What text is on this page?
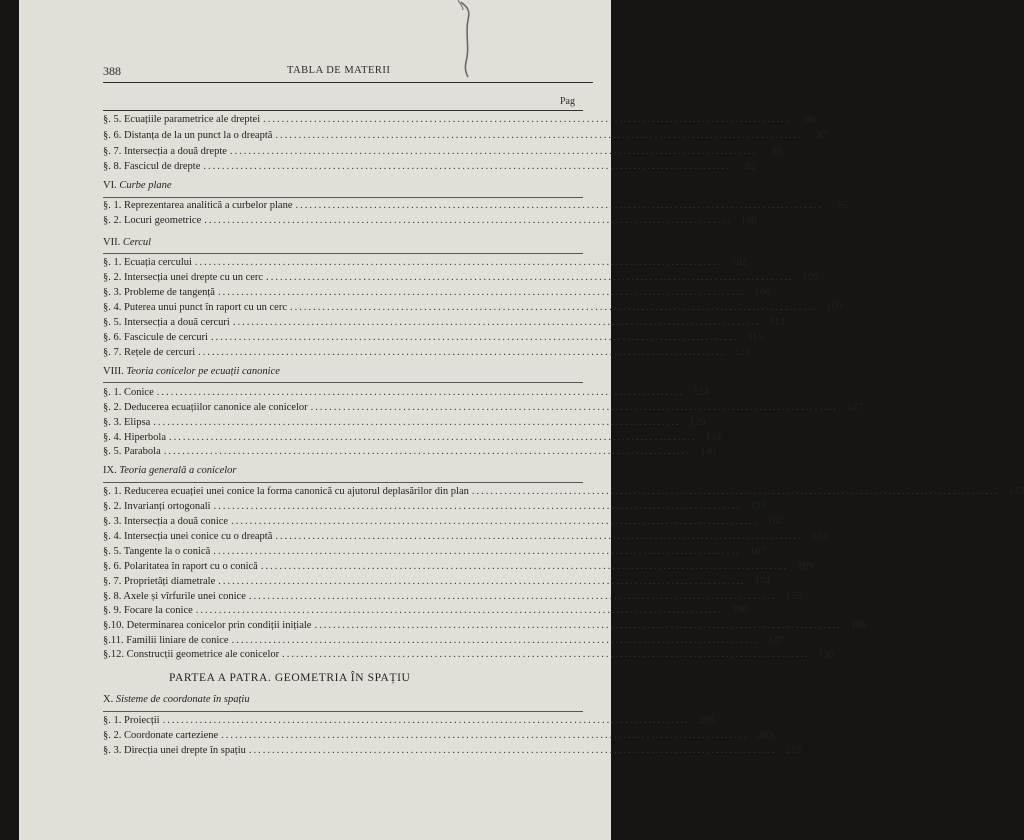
388	TABLA DE MATERII
Pag
§. 5. Ecuațiile parametrice ale dreptei ..................................................................................................................	86
§. 6. Distanța de la un punct la o dreaptă ..................................................................................................................	87
§. 7. Intersecția a două drepte ..................................................................................................................	89
§. 8. Fascicul de drepte ..................................................................................................................	92
VI. Curbe plane
§. 1. Reprezentarea analitică a curbelor plane ..................................................................................................................	95
§. 2. Locuri geometrice .................................................................................................................. 100
VII. Cercul
§. 1. Ecuația cercului .................................................................................................................. 102
§. 2. Intersecția unei drepte cu un cerc .................................................................................................................. 105
§. 3. Probleme de tangență .................................................................................................................. 106
§. 4. Puterea unui punct în raport cu un cerc .................................................................................................................. 109
§. 5. Intersecția a două cercuri .................................................................................................................. 112
§. 6. Fascicule de cercuri .................................................................................................................. 115
§. 7. Rețele de cercuri .................................................................................................................. 121
VIII. Teoria conicelor pe ecuații canonice
§. 1. Conice .................................................................................................................. 124
§. 2. Deducerea ecuațiilor canonice ale conicelor .................................................................................................................. 127
§. 3. Elipsa .................................................................................................................. 129
§. 4. Hiperbola .................................................................................................................. 134
§. 5. Parabola .................................................................................................................. 140
IX. Teoria generală a conicelor
§. 1. Reducerea ecuației unei conice la forma canonică cu ajutorul deplasărilor din plan .................................................................................................................. 143
§. 2. Invarianți ortogonali .................................................................................................................. 153
§. 3. Intersecția a două conice .................................................................................................................. 162
§. 4. Intersecția unei conice cu o dreaptă .................................................................................................................. 163
§. 5. Tangente la o conică .................................................................................................................. 167
§. 6. Polaritatea în raport cu o conică .................................................................................................................. 169
§. 7. Proprietăți diametrale .................................................................................................................. 174
§. 8. Axele și vîrfurile unei conice .................................................................................................................. 179
§. 9. Focare la conice .................................................................................................................. 180
§.10. Determinarea conicelor prin condiții inițiale .................................................................................................................. 185
§.11. Familii liniare de conice .................................................................................................................. 187
§.12. Construcții geometrice ale conicelor .................................................................................................................. 190
PARTEA A PATRA. GEOMETRIA ÎN SPAȚIU
X. Sisteme de coordonate în spațiu
§. 1. Proiecții .................................................................................................................. 205
§. 2. Coordonate carteziene .................................................................................................................. 209
§. 3. Direcția unei drepte în spațiu .................................................................................................................. 213
